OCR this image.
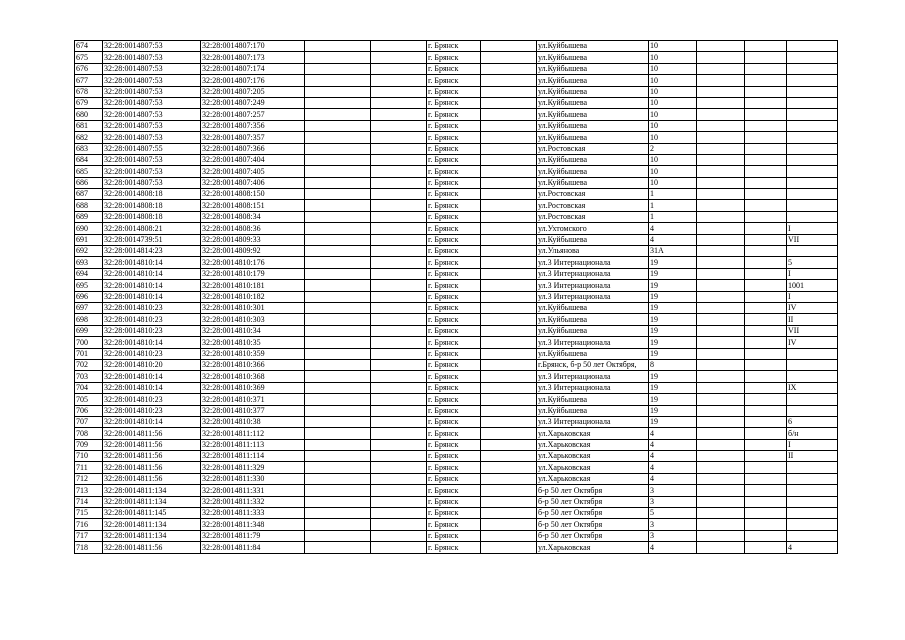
674	32:28:0014807:53	32:28:0014807:170			г. Брянск		ул.Куйбышева	10			
675	32:28:0014807:53	32:28:0014807:173			г. Брянск		ул.Куйбышева	10			
676	32:28:0014807:53	32:28:0014807:174			г. Брянск		ул.Куйбышева	10			
677	32:28:0014807:53	32:28:0014807:176			г. Брянск		ул.Куйбышева	10			
678	32:28:0014807:53	32:28:0014807:205			г. Брянск		ул.Куйбышева	10			
679	32:28:0014807:53	32:28:0014807:249			г. Брянск		ул.Куйбышева	10			
680	32:28:0014807:53	32:28:0014807:257			г. Брянск		ул.Куйбышева	10			
681	32:28:0014807:53	32:28:0014807:356			г. Брянск		ул.Куйбышева	10			
682	32:28:0014807:53	32:28:0014807:357			г. Брянск		ул.Куйбышева	10			
683	32:28:0014807:55	32:28:0014807:366			г. Брянск		ул.Ростовская	2			
684	32:28:0014807:53	32:28:0014807:404			г. Брянск		ул.Куйбышева	10			
685	32:28:0014807:53	32:28:0014807:405			г. Брянск		ул.Куйбышева	10			
686	32:28:0014807:53	32:28:0014807:406			г. Брянск		ул.Куйбышева	10			
687	32:28:0014808:18	32:28:0014808:150			г. Брянск		ул.Ростовская	1			
688	32:28:0014808:18	32:28:0014808:151			г. Брянск		ул.Ростовская	1			
689	32:28:0014808:18	32:28:0014808:34			г. Брянск		ул.Ростовская	1			
690	32:28:0014808:21	32:28:0014808:36			г. Брянск		ул.Ухтомского	4			I
691	32:28:0014739:51	32:28:0014809:33			г. Брянск		ул.Куйбышева	4			VII
692	32:28:0014814:23	32:28:0014809:92			г. Брянск		ул.Ульянова	31А			
693	32:28:0014810:14	32:28:0014810:176			г. Брянск		ул.3 Интернационала	19			5
694	32:28:0014810:14	32:28:0014810:179			г. Брянск		ул.3 Интернационала	19			I
695	32:28:0014810:14	32:28:0014810:181			г. Брянск		ул.3 Интернационала	19			1001
696	32:28:0014810:14	32:28:0014810:182			г. Брянск		ул.3 Интернационала	19			I
697	32:28:0014810:23	32:28:0014810:301			г. Брянск		ул.Куйбышева	19			IV
698	32:28:0014810:23	32:28:0014810:303			г. Брянск		ул.Куйбышева	19			II
699	32:28:0014810:23	32:28:0014810:34			г. Брянск		ул.Куйбышева	19			VII
700	32:28:0014810:14	32:28:0014810:35			г. Брянск		ул.3 Интернационала	19			IV
701	32:28:0014810:23	32:28:0014810:359			г. Брянск		ул.Куйбышева	19			
702	32:28:0014810:20	32:28:0014810:366			г. Брянск		г.Брянск, б-р 50 лет Октября,	8			
703	32:28:0014810:14	32:28:0014810:368			г. Брянск		ул.3 Интернационала	19			
704	32:28:0014810:14	32:28:0014810:369			г. Брянск		ул.3 Интернационала	19			IX
705	32:28:0014810:23	32:28:0014810:371			г. Брянск		ул.Куйбышева	19			
706	32:28:0014810:23	32:28:0014810:377			г. Брянск		ул.Куйбышева	19			
707	32:28:0014810:14	32:28:0014810:38			г. Брянск		ул.3 Интернационала	19			6
708	32:28:0014811:56	32:28:0014811:112			г. Брянск		ул.Харьковская	4			б/н
709	32:28:0014811:56	32:28:0014811:113			г. Брянск		ул.Харьковская	4			I
710	32:28:0014811:56	32:28:0014811:114			г. Брянск		ул.Харьковская	4			II
711	32:28:0014811:56	32:28:0014811:329			г. Брянск		ул.Харьковская	4			
712	32:28:0014811:56	32:28:0014811:330			г. Брянск		ул.Харьковская	4			
713	32:28:0014811:134	32:28:0014811:331			г. Брянск		б-р 50 лет Октября	3			
714	32:28:0014811:134	32:28:0014811:332			г. Брянск		б-р 50 лет Октября	3			
715	32:28:0014811:145	32:28:0014811:333			г. Брянск		б-р 50 лет Октября	5			
716	32:28:0014811:134	32:28:0014811:348			г. Брянск		б-р 50 лет Октября	3			
717	32:28:0014811:134	32:28:0014811:79			г. Брянск		б-р 50 лет Октября	3			
718	32:28:0014811:56	32:28:0014811:84			г. Брянск		ул.Харьковская	4			4
